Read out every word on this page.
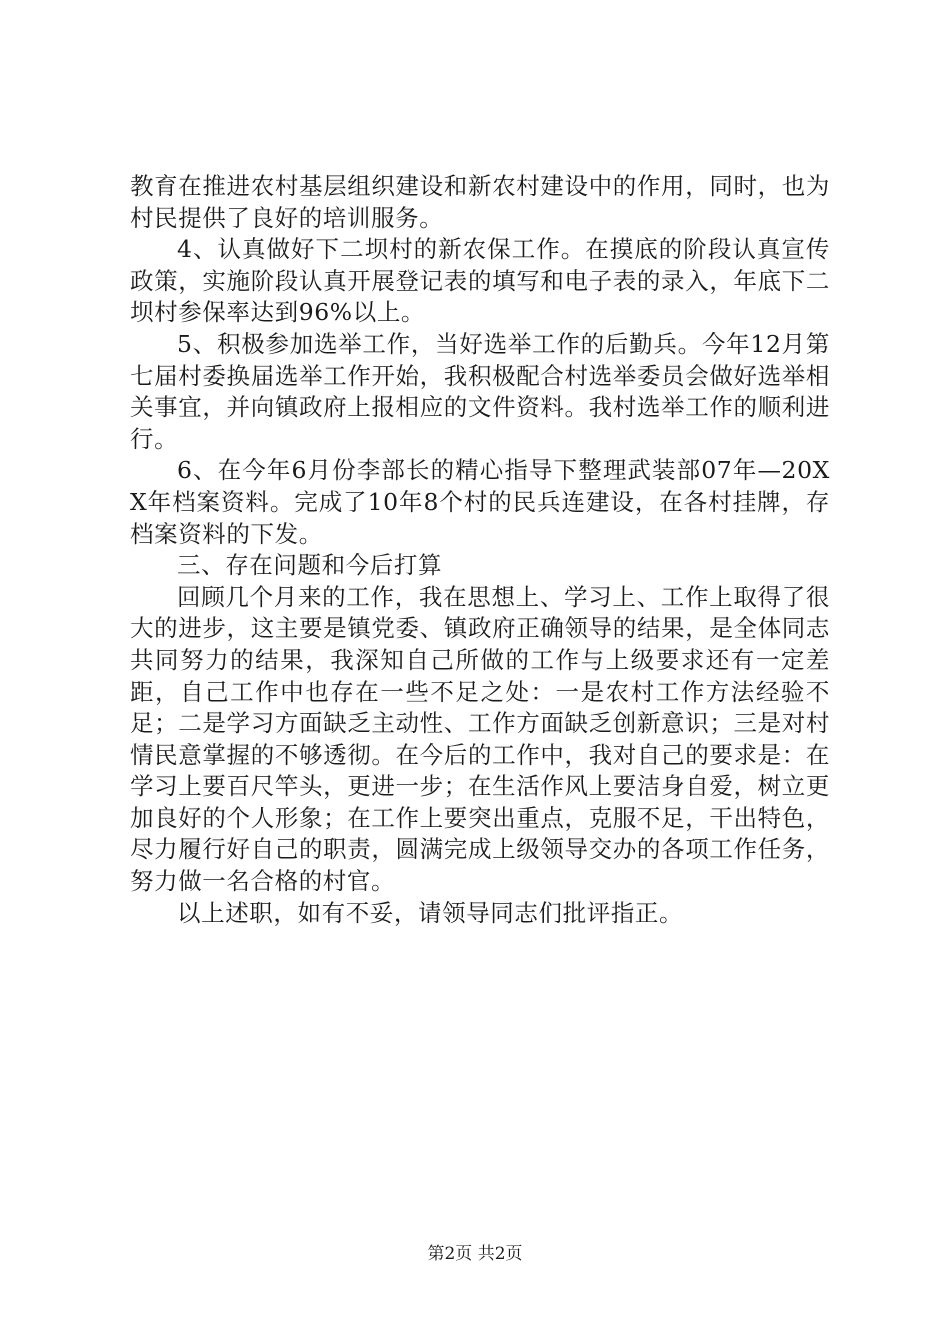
教育在推进农村基层组织建设和新农村建设中的作用，同时，也为村民提供了良好的培训服务。

4、认真做好下二坝村的新农保工作。在摸底的阶段认真宣传政策，实施阶段认真开展登记表的填写和电子表的录入，年底下二坝村参保率达到96%以上。

5、积极参加选举工作，当好选举工作的后勤兵。今年12月第七届村委换届选举工作开始，我积极配合村选举委员会做好选举相关事宜，并向镇政府上报相应的文件资料。我村选举工作的顺利进行。

6、在今年6月份李部长的精心指导下整理武装部07年—20XX年档案资料。完成了10年8个村的民兵连建设，在各村挂牌，存档案资料的下发。

三、存在问题和今后打算

回顾几个月来的工作，我在思想上、学习上、工作上取得了很大的进步，这主要是镇党委、镇政府正确领导的结果，是全体同志共同努力的结果，我深知自己所做的工作与上级要求还有一定差距，自己工作中也存在一些不足之处：一是农村工作方法经验不足；二是学习方面缺乏主动性、工作方面缺乏创新意识；三是对村情民意掌握的不够透彻。在今后的工作中，我对自己的要求是：在学习上要百尺竿头，更进一步；在生活作风上要洁身自爱，树立更加良好的个人形象；在工作上要突出重点，克服不足，干出特色，尽力履行好自己的职责，圆满完成上级领导交办的各项工作任务，努力做一名合格的村官。

以上述职，如有不妥，请领导同志们批评指正。

第2页 共2页
